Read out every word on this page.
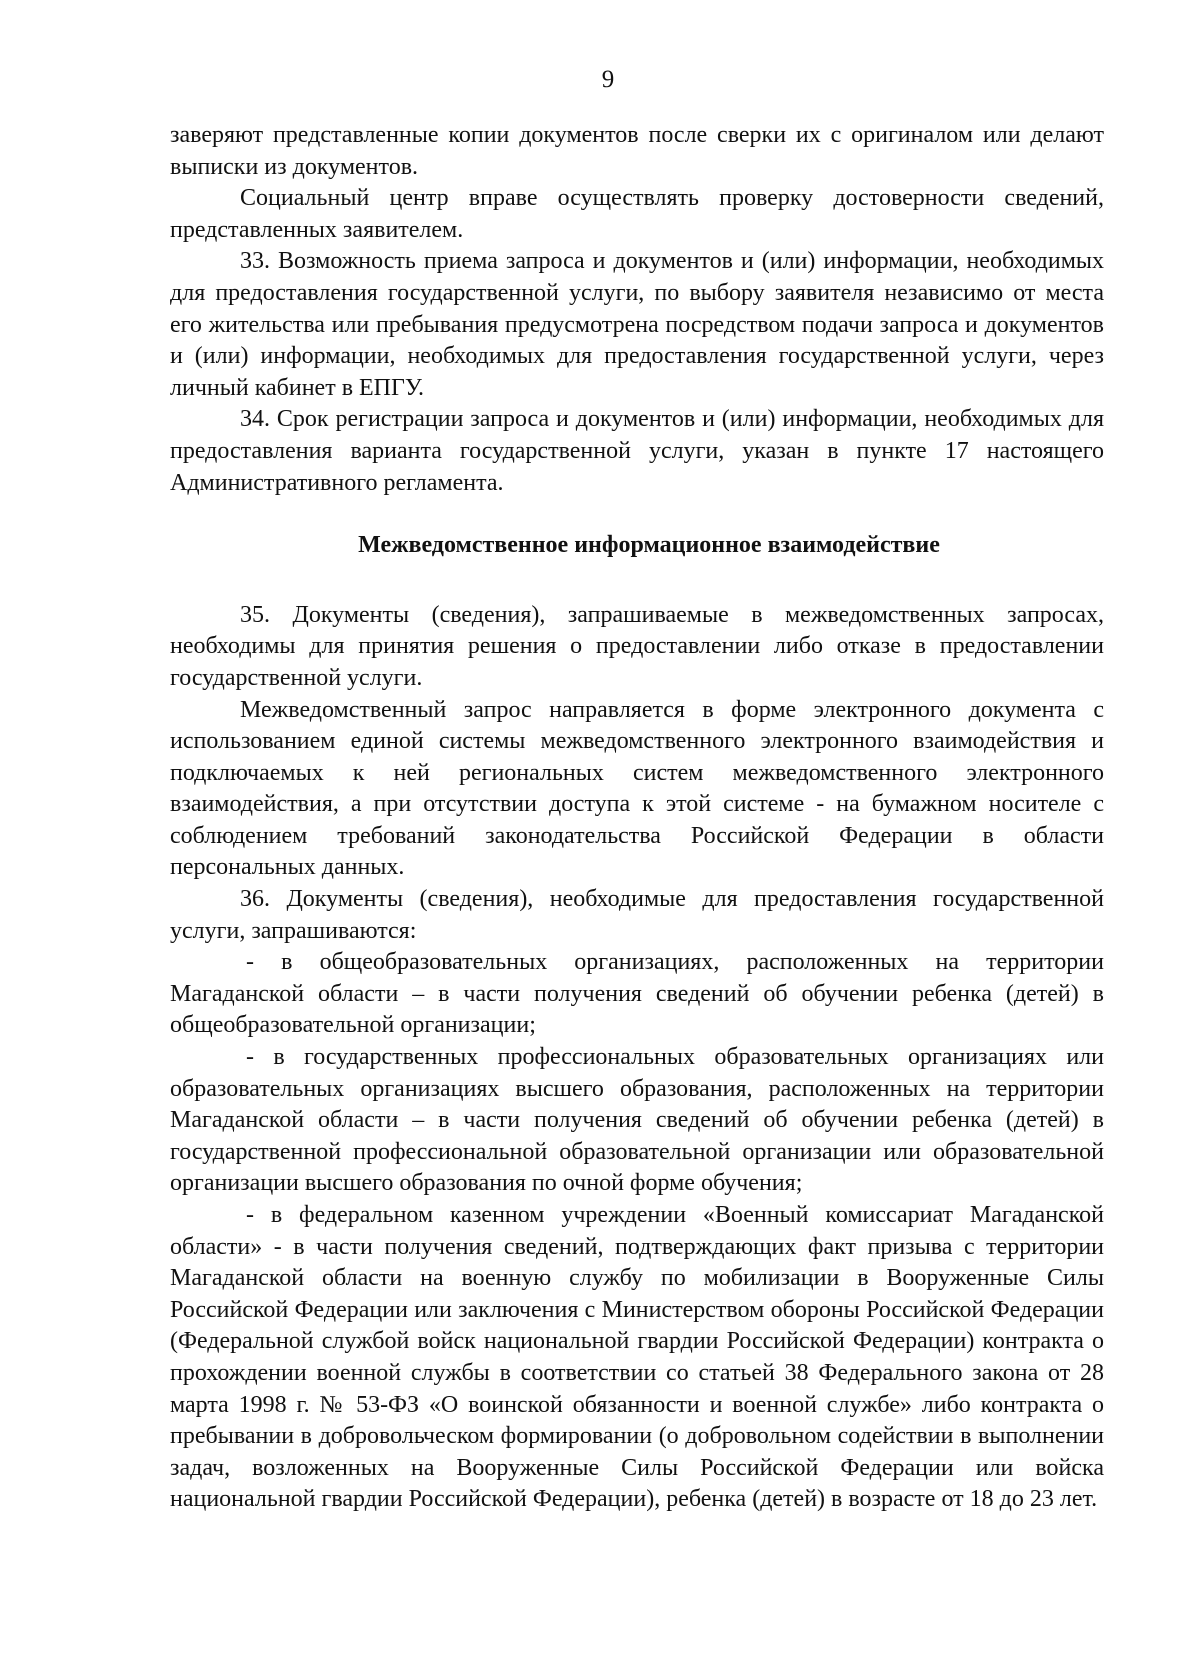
9

заверяют представленные копии документов после сверки их с оригиналом или делают выписки из документов.

Социальный центр вправе осуществлять проверку достоверности сведений, представленных заявителем.

33. Возможность приема запроса и документов и (или) информации, необходимых для предоставления государственной услуги, по выбору заявителя независимо от места его жительства или пребывания предусмотрена посредством подачи запроса и документов и (или) информации, необходимых для предоставления государственной услуги, через личный кабинет в ЕПГУ.

34. Срок регистрации запроса и документов и (или) информации, необходимых для предоставления варианта государственной услуги, указан в пункте 17 настоящего Административного регламента.

Межведомственное информационное взаимодействие

35. Документы (сведения), запрашиваемые в межведомственных запросах, необходимы для принятия решения о предоставлении либо отказе в предоставлении государственной услуги.

Межведомственный запрос направляется в форме электронного документа с использованием единой системы межведомственного электронного взаимодействия и подключаемых к ней региональных систем межведомственного электронного взаимодействия, а при отсутствии доступа к этой системе - на бумажном носителе с соблюдением требований законодательства Российской Федерации в области персональных данных.

36. Документы (сведения), необходимые для предоставления государственной услуги, запрашиваются:

- в общеобразовательных организациях, расположенных на территории Магаданской области – в части получения сведений об обучении ребенка (детей) в общеобразовательной организации;

- в государственных профессиональных образовательных организациях или образовательных организациях высшего образования, расположенных на территории Магаданской области – в части получения сведений об обучении ребенка (детей) в государственной профессиональной образовательной организации или образовательной организации высшего образования по очной форме обучения;

- в федеральном казенном учреждении «Военный комиссариат Магаданской области» - в части получения сведений, подтверждающих факт призыва с территории Магаданской области на военную службу по мобилизации в Вооруженные Силы Российской Федерации или заключения с Министерством обороны Российской Федерации (Федеральной службой войск национальной гвардии Российской Федерации) контракта о прохождении военной службы в соответствии со статьей 38 Федерального закона от 28 марта 1998 г. № 53-ФЗ «О воинской обязанности и военной службе» либо контракта о пребывании в добровольческом формировании (о добровольном содействии в выполнении задач, возложенных на Вооруженные Силы Российской Федерации или войска национальной гвардии Российской Федерации), ребенка (детей) в возрасте от 18 до 23 лет.
